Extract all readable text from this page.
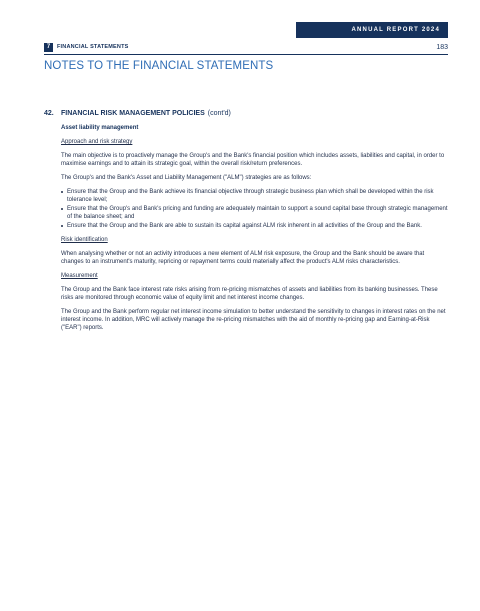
ANNUAL REPORT 2024
7	FINANCIAL STATEMENTS	183
NOTES TO THE FINANCIAL STATEMENTS
42.	FINANCIAL RISK MANAGEMENT POLICIES (cont'd)
Asset liability management
Approach and risk strategy

The main objective is to proactively manage the Group's and the Bank's financial position which includes assets, liabilities and capital, in order to maximise earnings and to attain its strategic goal, within the overall risk/return preferences.

The Group's and the Bank's Asset and Liability Management ("ALM") strategies are as follows:

Ensure that the Group and the Bank achieve its financial objective through strategic business plan which shall be developed within the risk tolerance level;
Ensure that the Group's and Bank's pricing and funding are adequately maintain to support a sound capital base through strategic management of the balance sheet; and
Ensure that the Group and the Bank are able to sustain its capital against ALM risk inherent in all activities of the Group and the Bank.
Risk identification

When analysing whether or not an activity introduces a new element of ALM risk exposure, the Group and the Bank should be aware that changes to an instrument's maturity, repricing or repayment terms could materially affect the product's ALM risks characteristics.

Measurement

The Group and the Bank face interest rate risks arising from re-pricing mismatches of assets and liabilities from its banking businesses. These risks are monitored through economic value of equity limit and net interest income changes.

The Group and the Bank perform regular net interest income simulation to better understand the sensitivity to changes in interest rates on the net interest income. In addition, MRC will actively manage the re-pricing mismatches with the aid of monthly re-pricing gap and Earning-at-Risk ("EAR") reports.
